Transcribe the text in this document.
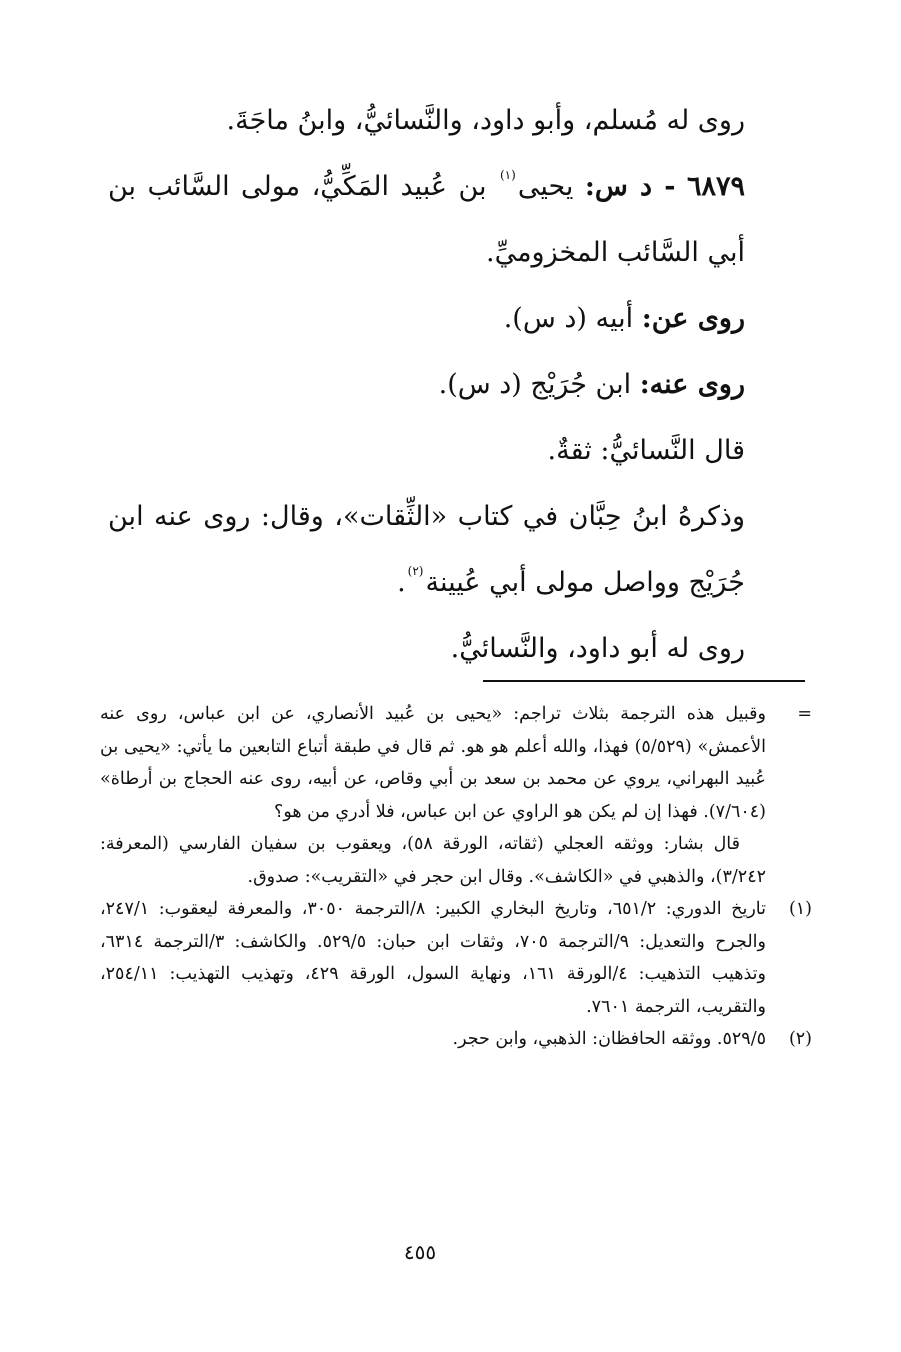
روى له مُسلم، وأبو داود، والنَّسائيُّ، وابنُ ماجَةَ.

٦٨٧٩ - د س: يحيى$^{(١)}$ بن عُبيد المَكِّيُّ، مولى السَّائب بن أبي السَّائب المخزوميِّ.

روى عن: أبيه (د س).

روى عنه: ابن جُرَيْج (د س).

قال النَّسائيُّ: ثقةٌ.

وذكرهُ ابنُ حِبَّان في كتاب «الثِّقات»، وقال: روى عنه ابن جُرَيْج وواصل مولى أبي عُيينة$^{(٢)}$.

روى له أبو داود، والنَّسائيُّ.

=
وقبيل هذه الترجمة بثلاث تراجم: «يحيى بن عُبيد الأنصاري، عن ابن عباس، روى عنه الأعمش» (٥/٥٢٩) فهذا، والله أعلم هو هو. ثم قال في طبقة أتباع التابعين ما يأتي: «يحيى بن عُبيد البهراني، يروي عن محمد بن سعد بن أبي وقاص، عن أبيه، روى عنه الحجاج بن أرطاة» (٧/٦٠٤). فهذا إن لم يكن هو الراوي عن ابن عباس، فلا أدري من هو؟
قال بشار: ووثقه العجلي (ثقاته، الورقة ٥٨)، ويعقوب بن سفيان الفارسي (المعرفة: ٣/٢٤٢)، والذهبي في «الكاشف». وقال ابن حجر في «التقريب»: صدوق.
(١)
تاريخ الدوري: ٦٥١/٢، وتاريخ البخاري الكبير: ٨/الترجمة ٣٠٥٠، والمعرفة ليعقوب: ٢٤٧/١، والجرح والتعديل: ٩/الترجمة ٧٠٥، وثقات ابن حبان: ٥٢٩/٥. والكاشف: ٣/الترجمة ٦٣١٤، وتذهيب التذهيب: ٤/الورقة ١٦١، ونهاية السول، الورقة ٤٢٩، وتهذيب التهذيب: ٢٥٤/١١، والتقريب، الترجمة ٧٦٠١.
(٢)
٥٢٩/٥. ووثقه الحافظان: الذهبي، وابن حجر.
٤٥٥
